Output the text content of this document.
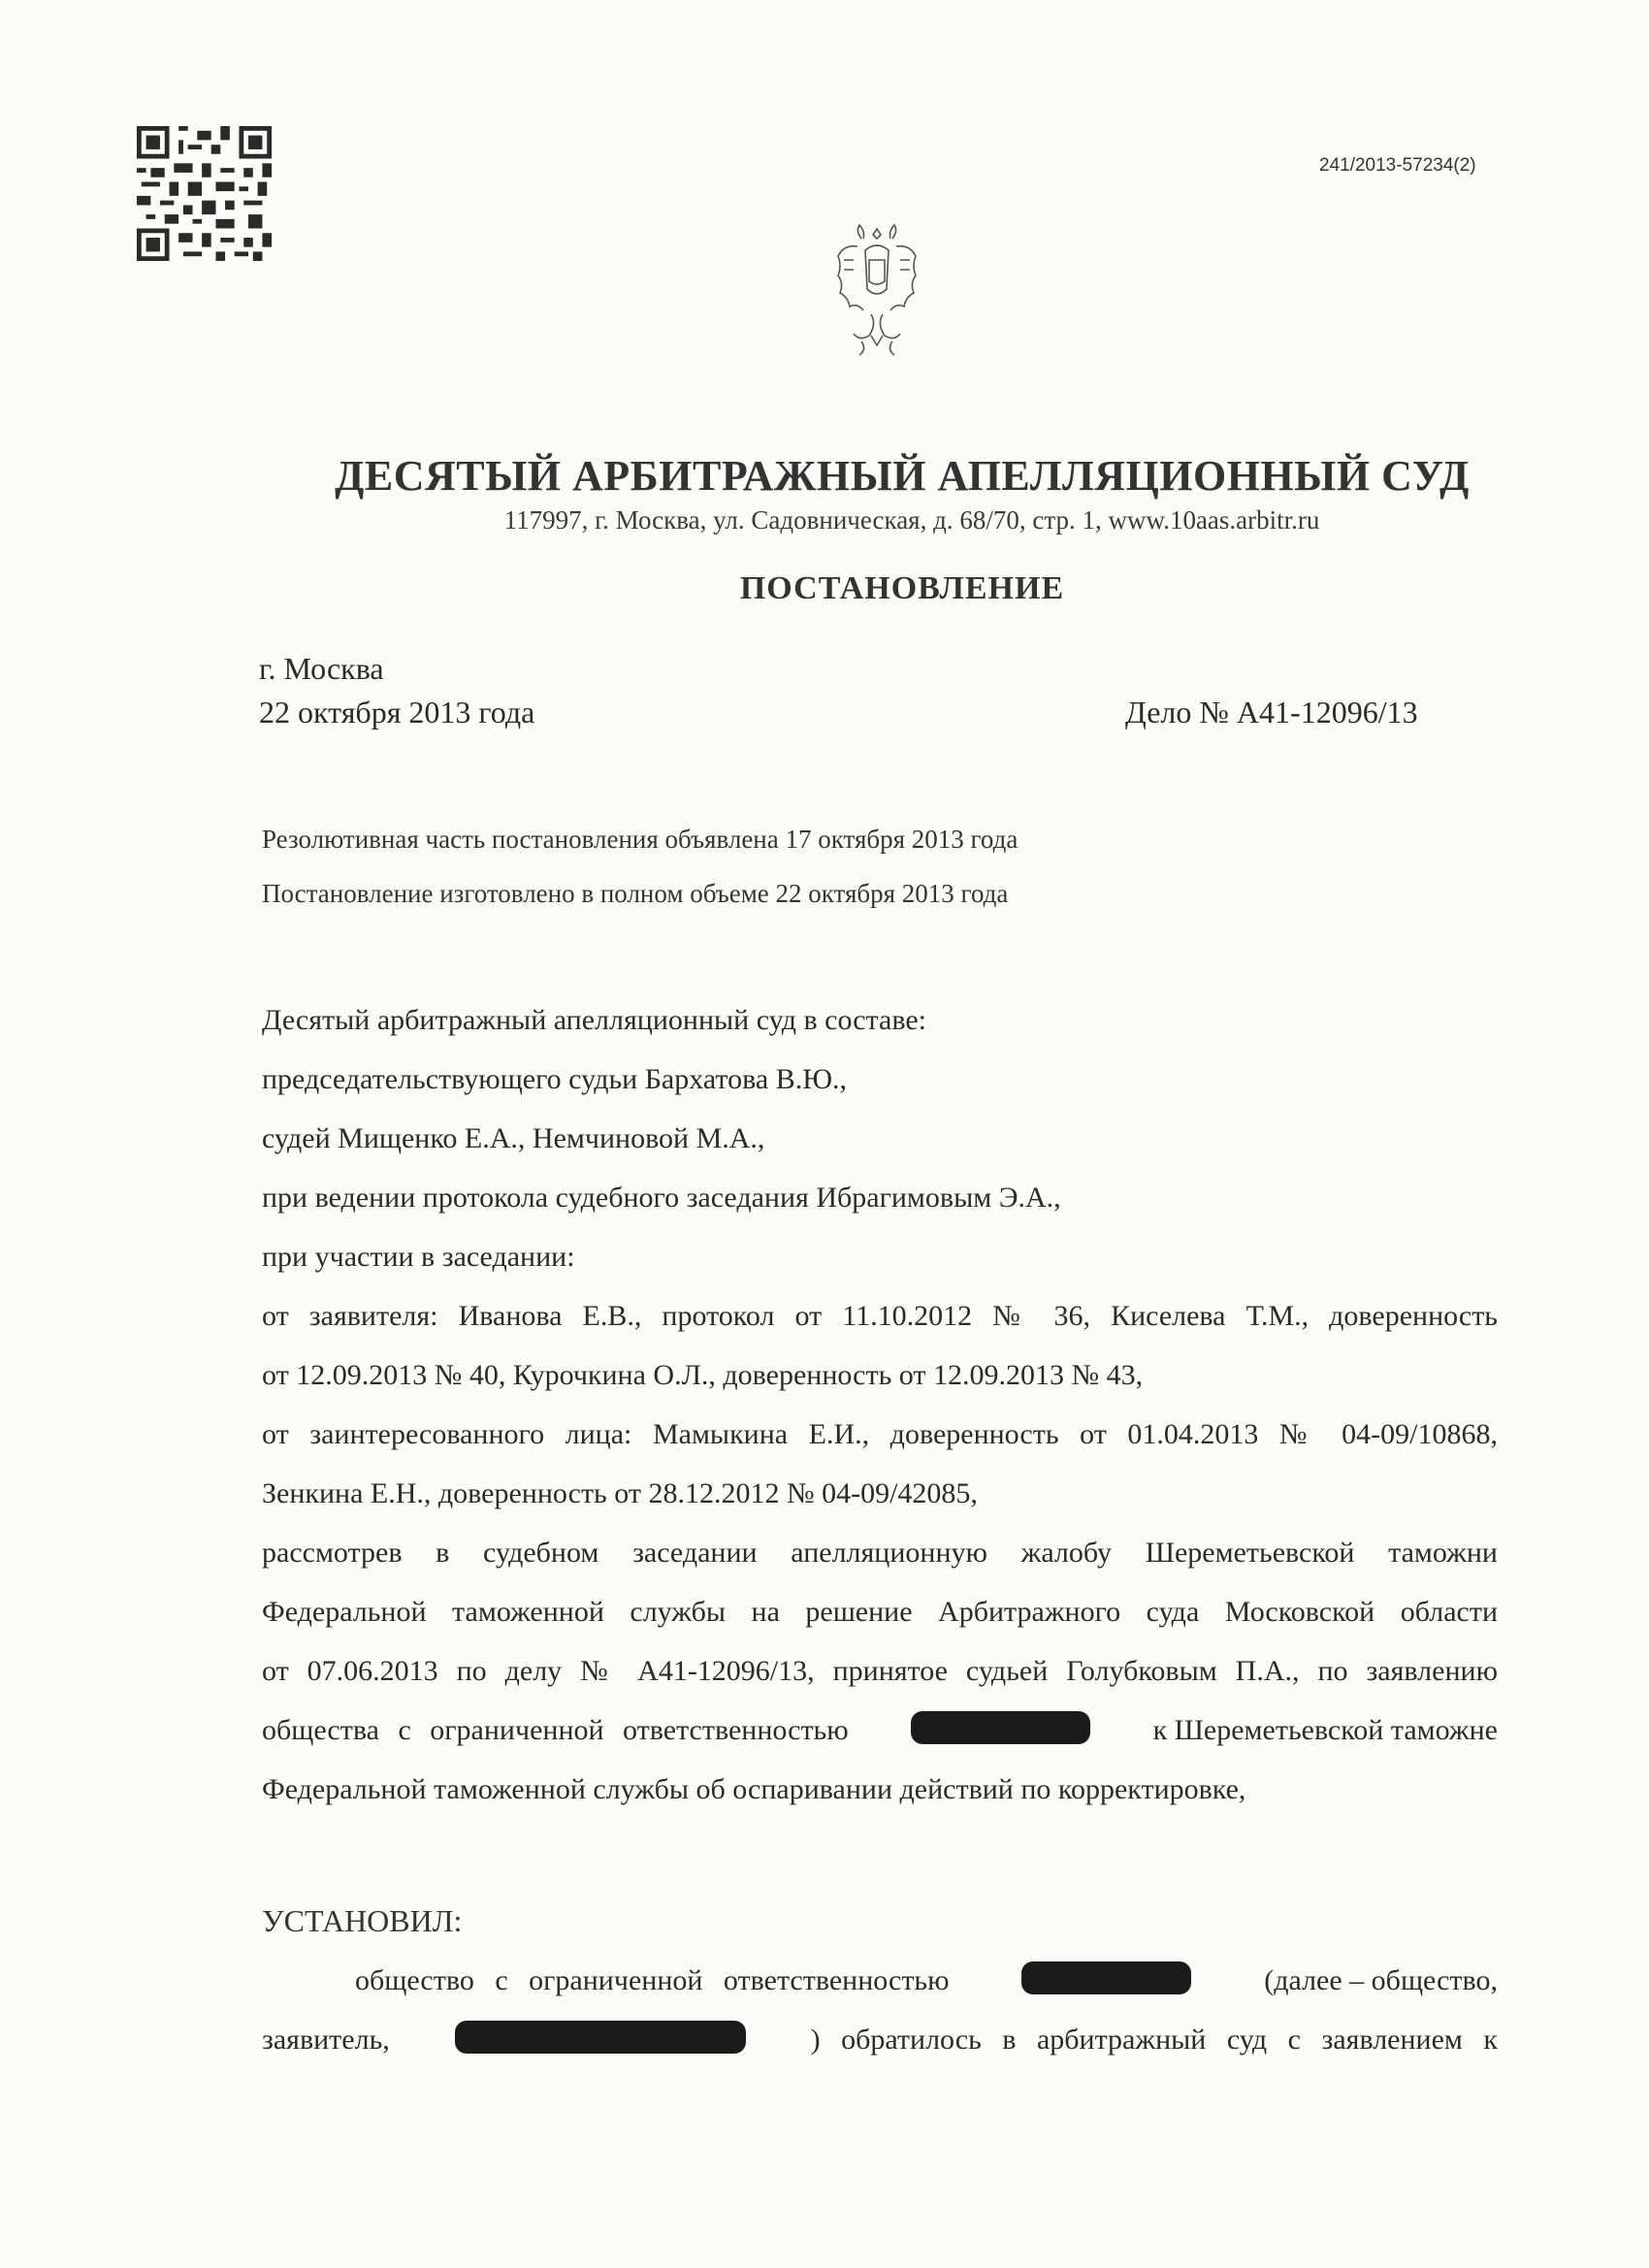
241/2013-57234(2)
ДЕСЯТЫЙ АРБИТРАЖНЫЙ АПЕЛЛЯЦИОННЫЙ СУД
117997, г. Москва, ул. Садовническая, д. 68/70, стр. 1, www.10aas.arbitr.ru
ПОСТАНОВЛЕНИЕ
г. Москва
22 октября 2013 года	Дело № А41-12096/13
Резолютивная часть постановления объявлена 17 октября 2013 года
Постановление изготовлено в полном объеме 22 октября 2013 года
Десятый арбитражный апелляционный суд в составе:
председательствующего судьи Бархатова В.Ю.,
судей Мищенко Е.А., Немчиновой М.А.,
при ведении протокола судебного заседания Ибрагимовым Э.А.,
при участии в заседании:
от заявителя: Иванова Е.В., протокол от 11.10.2012 № 36, Киселева Т.М., доверенность
от 12.09.2013 № 40, Курочкина О.Л., доверенность от 12.09.2013 № 43,
от заинтересованного лица: Мамыкина Е.И., доверенность от 01.04.2013 № 04-09/10868,
Зенкина Е.Н., доверенность от 28.12.2012 № 04-09/42085,
рассмотрев в судебном заседании апелляционную жалобу Шереметьевской таможни
Федеральной таможенной службы на решение Арбитражного суда Московской области
от 07.06.2013 по делу № А41-12096/13, принятое судьей Голубковым П.А., по заявлению
общества с ограниченной ответственностью	к Шереметьевской таможне
Федеральной таможенной службы об оспаривании действий по корректировке,
УСТАНОВИЛ:
общество с ограниченной ответственностью	(далее – общество,
заявитель,	) обратилось в арбитражный суд с заявлением к
